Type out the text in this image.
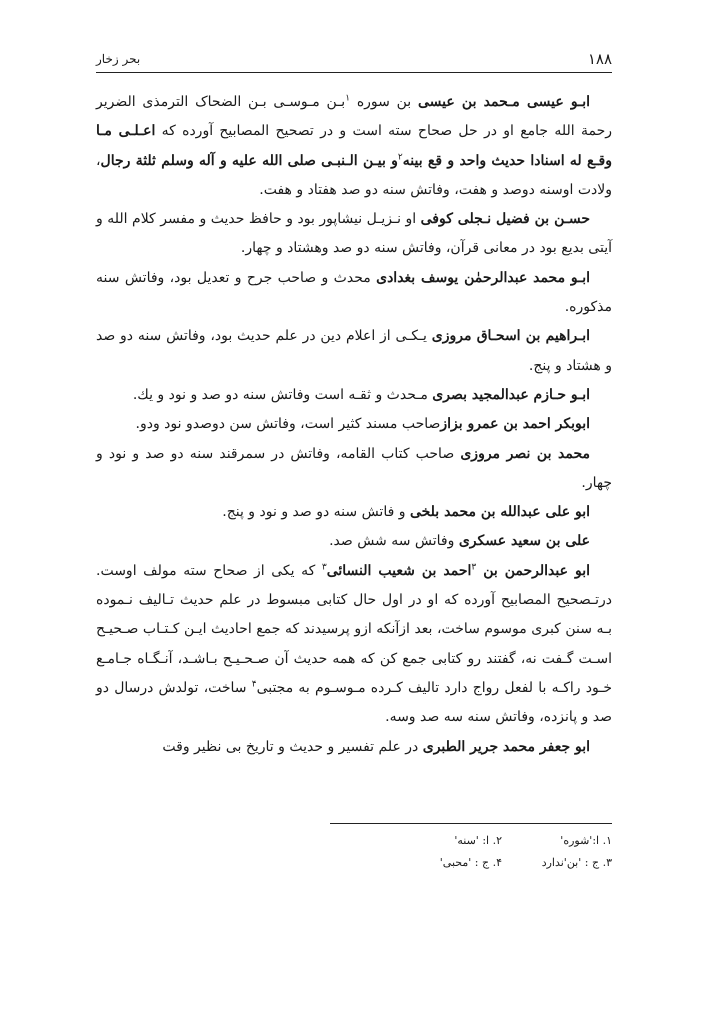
۱۸۸
بحر زخار

ابـو عیسی مـحمد بن عیسی بن سوره $^۱$بـن مـوسـی بـن الضحاک الترمذی الضریر رحمة الله جامع او در حل صحاح سته است و در تصحیح المصابیح آورده که اعـلـی مـا وقـع له اسنادا حدیث واحد و قع بینه$^۲$و بیـن الـنبـی صلی الله علیه و آله وسلم ثلثة رجال، ولادت اوسنه دوصد و هفت، وفاتش سنه دو صد هفتاد و هفت.

حسـن بن فضیل نـجلی کوفی او نـزیـل نیشاپور بود و حافظ حدیث و مفسر کلام الله و آیتی بدیع بود در معانی قرآن، وفاتش سنه دو صد وهشتاد و چهار.

ابـو محمد عبدالرحمٰن یوسف بغدادی محدث و صاحب جرح و تعدیل بود، وفاتش سنه مذکوره.

ابـراهیم بن اسحـاق مروزی یـکـی از اعلام دین در علم حدیث بود، وفاتش سنه دو صد و هشتاد و پنج.

ابـو حـازم عبدالمجید بصری مـحدث و ثقـه است وفاتش سنه دو صد و نود و یك.

ابوبکر احمد بن عمرو بزازصاحب مسند کثیر است، وفاتش سن دوصدو نود ودو.

محمد بن نصر مروزی صاحب کتاب القامه، وفاتش در سمرقند سنه دو صد و نود و چهار.

ابو علی عبدالله بن محمد بلخی و فاتش سنه دو صد و نود و پنج.

علی بن سعید عسکری وفاتش سه شش صد.

ابو عبدالرحمن بن $^۳$احمد بن شعیب النسائی$^۳$ که یکی از صحاح سته مولف اوست. درتـصحیح المصابیح آورده که او در اول حال کتابی مبسوط در علم حدیث تـالیف نـموده بـه سنن کبری موسوم ساخت، بعد ازآنکه ازو پرسیدند که جمع احادیث ایـن کـتـاب صـحیـح اسـت گـفت نه، گفتند رو کتابی جمع کن که همه حدیث آن صـحـیـح بـاشـد، آنـگـاه جـامـع خـود راکـه با لفعل رواج دارد تالیف کـرده مـوسـوم به مجتبی$^۴$ ساخت، تولدش درسال دو صد و پانزده، وفاتش سنه سه صد وسه.

ابو جعفر محمد جریر الطبری در علم تفسیر و حدیث و تاریخ بی نظیر وقت

۱. ا:'شوره'
۲. ا: 'سنه'
۳. ج : 'بن'ندارد
۴. ج : 'محبی'
